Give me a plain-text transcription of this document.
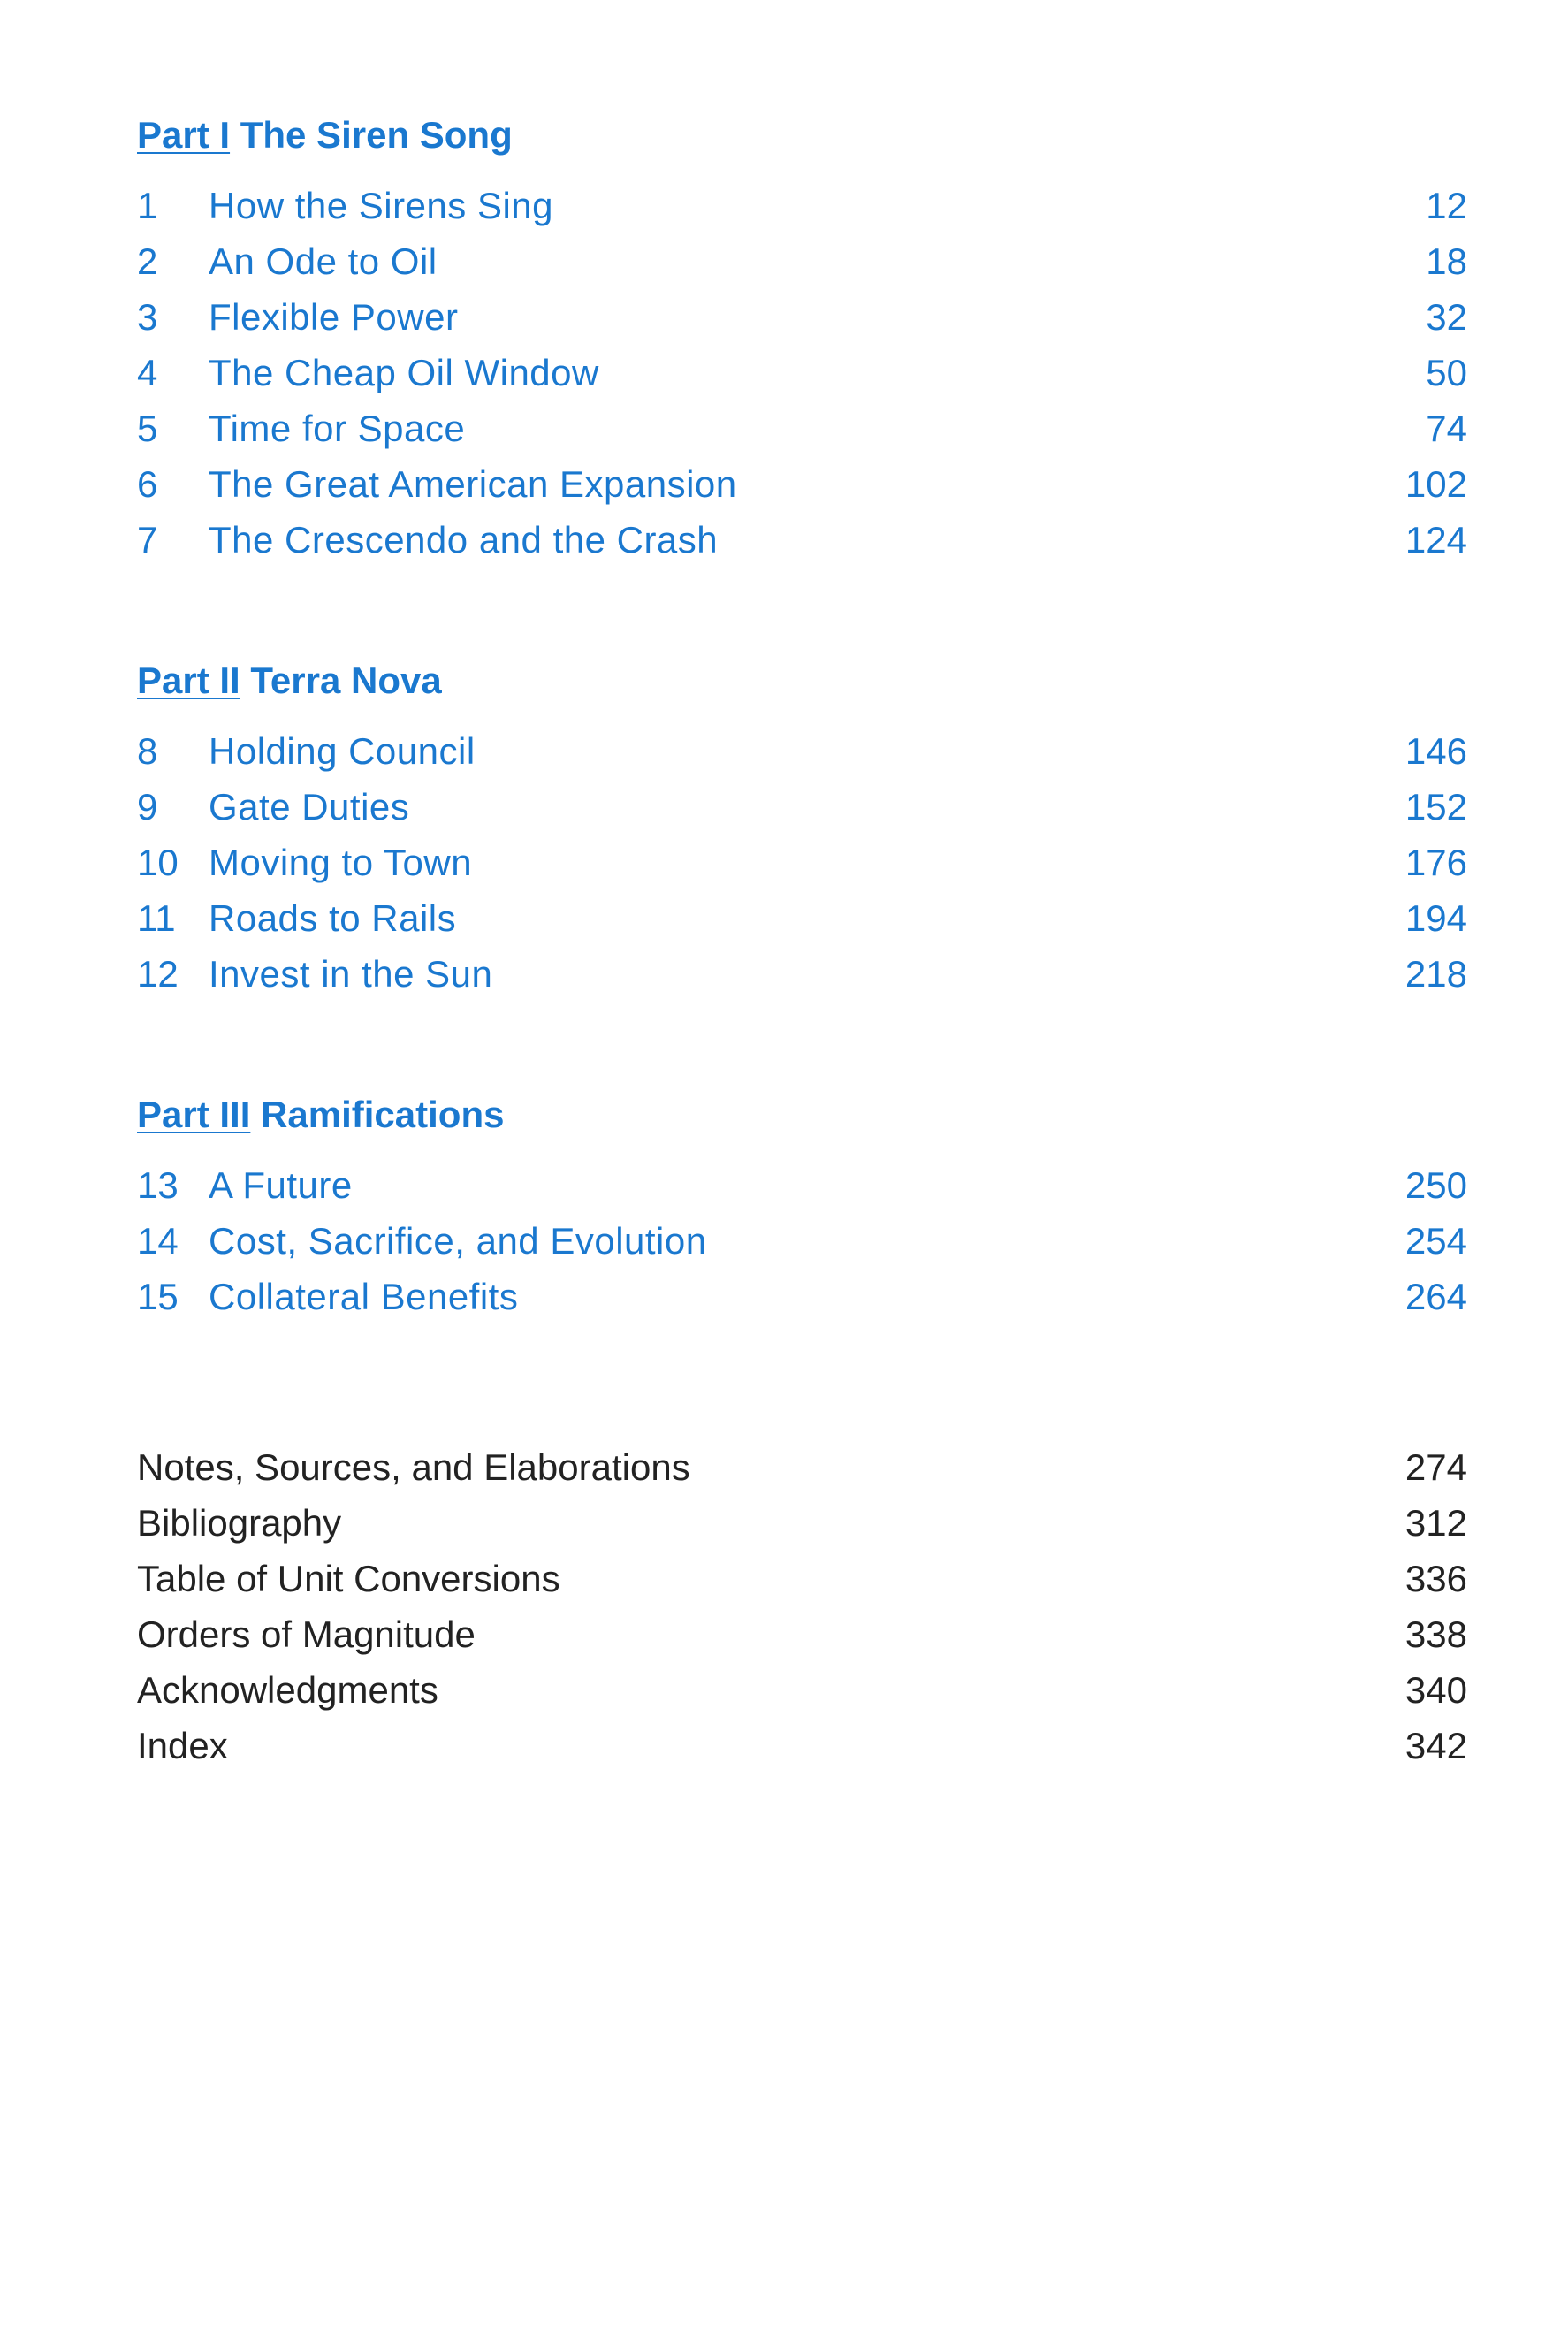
Part I The Siren Song
1	How the Sirens Sing	12
2	An Ode to Oil	18
3	Flexible Power	32
4	The Cheap Oil Window	50
5	Time for Space	74
6	The Great American Expansion	102
7	The Crescendo and the Crash	124
Part II Terra Nova
8	Holding Council	146
9	Gate Duties	152
10 Moving to Town	176
11 Roads to Rails	194
12 Invest in the Sun	218
Part III Ramifications
13 A Future	250
14 Cost, Sacrifice, and Evolution	254
15 Collateral Benefits	264
Notes, Sources, and Elaborations	274
Bibliography	312
Table of Unit Conversions	336
Orders of Magnitude	338
Acknowledgments	340
Index	342
